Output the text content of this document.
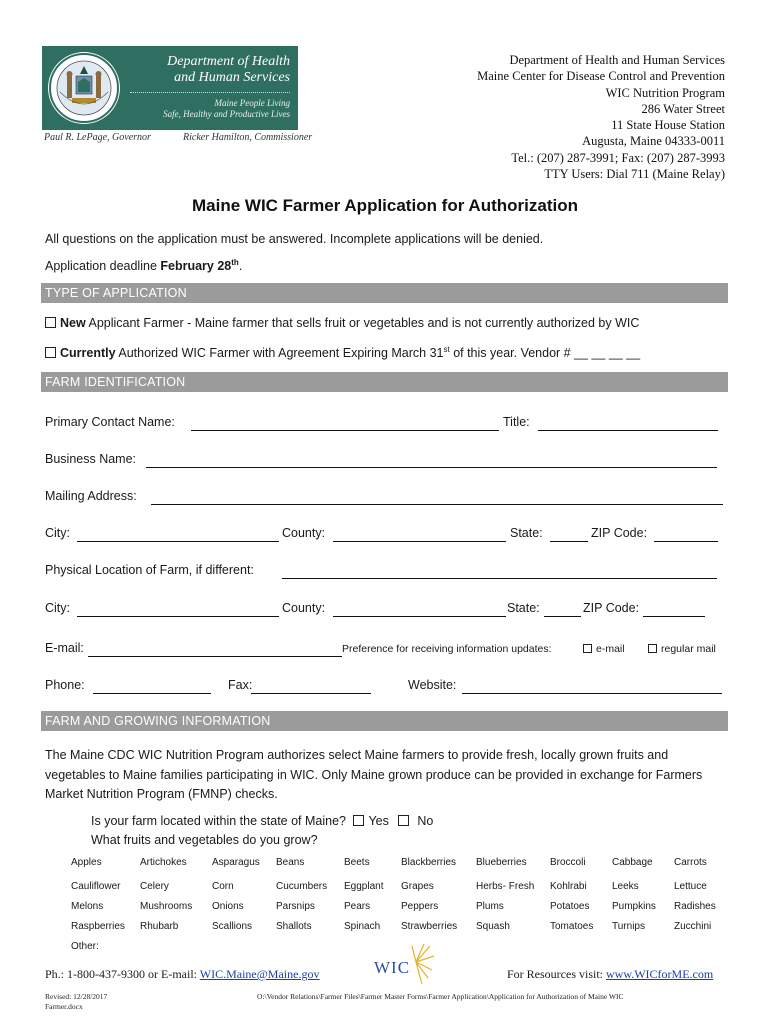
Department of Health
and Human Services
Maine People Living
Safe, Healthy and Productive Lives
Paul R. LePage, Governor	Ricker Hamilton, Commissioner
Department of Health and Human Services
Maine Center for Disease Control and Prevention
WIC Nutrition Program
286 Water Street
11 State House Station
Augusta, Maine 04333-0011
Tel.: (207) 287-3991; Fax: (207) 287-3993
TTY Users: Dial 711 (Maine Relay)
Maine WIC Farmer Application for Authorization
All questions on the application must be answered. Incomplete applications will be denied.
Application deadline February 28th.
TYPE OF APPLICATION
New Applicant Farmer - Maine farmer that sells fruit or vegetables and is not currently authorized by WIC
Currently Authorized WIC Farmer with Agreement Expiring March 31st of this year. Vendor # __ __ __ __
FARM IDENTIFICATION
Primary Contact Name:	Title:
Business Name:
Mailing Address:
City:	County:	State:	ZIP Code:
Physical Location of Farm, if different:
City:	County:	State:	ZIP Code:
E-mail:	Preference for receiving information updates:	e-mail	regular mail
Phone:	Fax:	Website:
FARM AND GROWING INFORMATION
The Maine CDC WIC Nutrition Program authorizes select Maine farmers to provide fresh, locally grown fruits and vegetables to Maine families participating in WIC. Only Maine grown produce can be provided in exchange for Farmers Market Nutrition Program (FMNP) checks.
Is your farm located within the state of Maine? Yes No
What fruits and vegetables do you grow?
Apples	Artichokes	Asparagus Beans	Beets	Blackberries Blueberries Broccoli	Cabbage Carrots
Cauliflower Celery	Corn	Cucumbers Eggplant Grapes	Herbs- Fresh Kohlrabi	Leeks	Lettuce
Melons	Mushrooms Onions	Parsnips	Pears	Peppers	Plums	Potatoes Pumpkins Radishes
Raspberries Rhubarb	Scallions Shallots	Spinach Strawberries Squash	Tomatoes Turnips	Zucchini
Other:
Ph.: 1-800-437-9300 or E-mail: WIC.Maine@Maine.gov	WIC	For Resources visit: www.WICforME.com
Revised: 12/28/2017
Farmer.docx
O:\Vendor Relations\Farmer Files\Farmer Master Forms\Farmer Application\Application for Authorization of Maine WIC
